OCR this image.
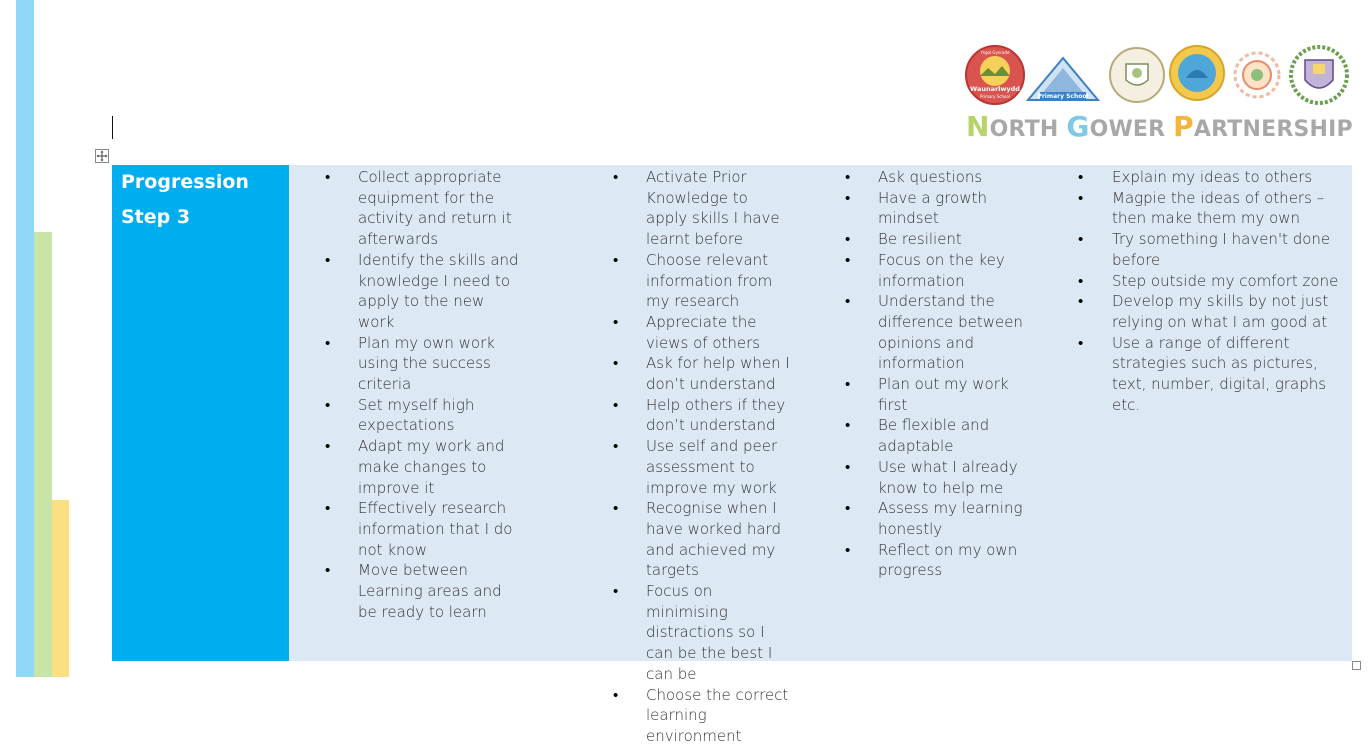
Ysgol Gynradd
Waunarlwydd
Primary School	Primary School
NORTH GOWER PARTNERSHIP
Progression
Step 3
• Collect appropriate equipment for the activity and return it afterwards
• Identify the skills and knowledge I need to apply to the new work
• Plan my own work using the success criteria
• Set myself high expectations
• Adapt my work and make changes to improve it
• Effectively research information that I do not know
• Move between Learning areas and be ready to learn
• Activate Prior Knowledge to apply skills I have learnt before
• Choose relevant information from my research
• Appreciate the views of others
• Ask for help when I don’t understand
• Help others if they don’t understand
• Use self and peer assessment to improve my work
• Recognise when I have worked hard and achieved my targets
• Focus on minimising distractions so I can be the best I can be
• Choose the correct learning environment
• Ask questions
• Have a growth mindset
• Be resilient
• Focus on the key information
• Understand the difference between opinions and information
• Plan out my work first
• Be flexible and adaptable
• Use what I already know to help me
• Assess my learning honestly
• Reflect on my own progress
• Explain my ideas to others
• Magpie the ideas of others – then make them my own
• Try something I haven't done before
• Step outside my comfort zone
• Develop my skills by not just relying on what I am good at
• Use a range of different strategies such as pictures, text, number, digital, graphs etc.
